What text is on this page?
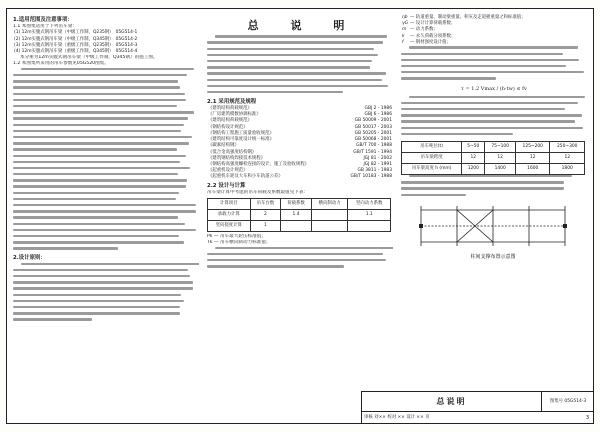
总 说 明
1.适用范围及注意事项：
1.1 本图集适用于下列吊车梁：
(1) 12m实腹式钢吊车梁（中级工作制，Q235钢）	05G514-1
(2) 12m实腹式钢吊车梁（中级工作制，Q345钢）	05G514-2
(3) 12m实腹式钢吊车梁（重级工作制，Q235钢）	05G514-3
(4) 12m实腹式钢吊车梁（重级工作制，Q345钢）	05G514-4
本分册为12m实腹式钢吊车梁（中级工作制，Q345钢）的施工图。
1.2 本图集所采用的吊车参数见05G520图集。
2.设计原则：
2.1 采用规范及规程
《建筑结构荷载规范》	GBJ 2 - 1986
《厂房建筑模数协调标准》	GBJ 6 - 1986
《建筑结构荷载规范》	GB 50009 - 2001
《钢结构设计规范》	GB 50017 - 2003
《钢结构工程施工质量验收规范》	GB 50205 - 2001
《建筑结构可靠度设计统一标准》	GB 50068 - 2001
《碳素结构钢》	GB/T 700 - 1988
《低合金高强度结构钢》	GB/T 1591 - 1994
《建筑钢结构焊接技术规程》	JGJ 81 - 2002
《钢结构高强度螺栓连接的设计、施工及验收规程》	JGJ 82 - 1991
《起重机设计规范》	GB 3811 - 1983
《起重机车轮及大车和小车轨道公差》	GB/T 10183 - 1988
2.2 设计与计算
吊车梁计算中考虑的吊车荷载及系数取值见下表：
计算项目	吊车台数	荷载系数	横向制动力	竖向动力系数
承载力计算	2	1.4		1.1
竖向挠度计算	1			
Pk — 吊车最大轮压标准值；
Tk — 吊车横向制动力标准值；
ηb	— 轨道重量、制动梁重量、积灰及走道板重量之和标准值；
γG	— 设计计算荷载系数；
m	— 动力系数；
k	— 永久荷载分项系数；
f	— 钢材强度设计值；
τ = 1.2 Vmax / (h·tw) ≤ fv
吊车吨位(t)	5~50	75~100	125~200	250~300
吊车梁跨度	12	12	12	12
吊车梁高度 h (mm)	1200	1400	1600	1800
柱间支撑布置示意图
总说明	图集号 05G514-3
审核 刘×× 校对 ×× 设计 ×× 页	3
